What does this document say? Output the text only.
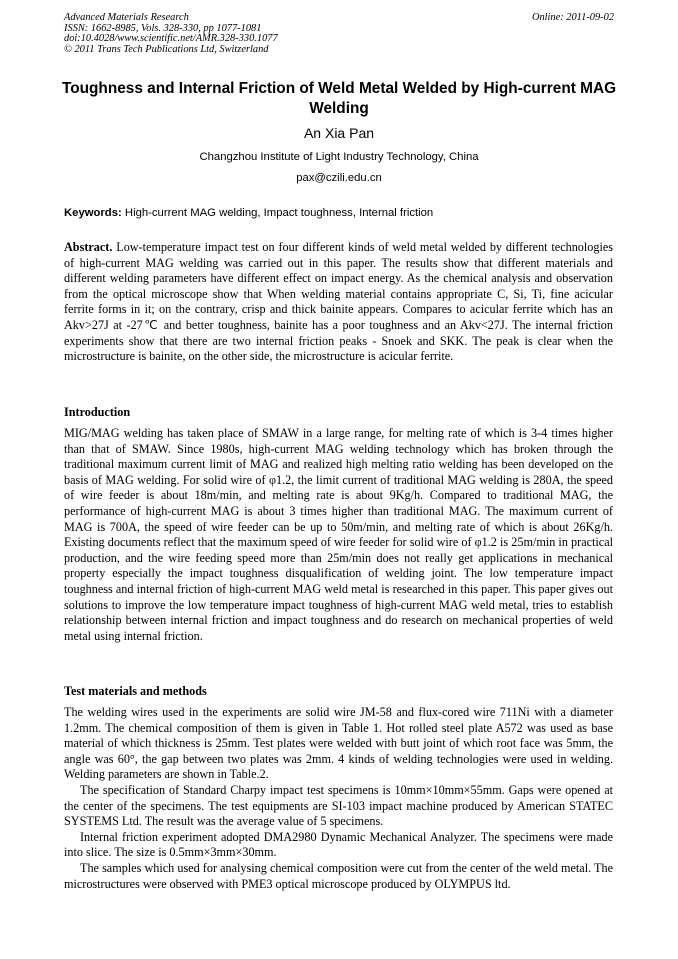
Advanced Materials Research
ISSN: 1662-8985, Vols. 328-330, pp 1077-1081
doi:10.4028/www.scientific.net/AMR.328-330.1077
© 2011 Trans Tech Publications Ltd, Switzerland
Online: 2011-09-02
Toughness and Internal Friction of Weld Metal Welded by High-current MAG Welding
An Xia Pan
Changzhou Institute of Light Industry Technology, China
pax@czili.edu.cn
Keywords: High-current MAG welding, Impact toughness, Internal friction

Abstract. Low-temperature impact test on four different kinds of weld metal welded by different technologies of high-current MAG welding was carried out in this paper. The results show that different materials and different welding parameters have different effect on impact energy. As the chemical analysis and observation from the optical microscope show that When welding material contains appropriate C, Si, Ti, fine acicular ferrite forms in it; on the contrary, crisp and thick bainite appears. Compares to acicular ferrite which has an Akv>27J at -27℃ and better toughness, bainite has a poor toughness and an Akv<27J. The internal friction experiments show that there are two internal friction peaks - Snoek and SKK. The peak is clear when the microstructure is bainite, on the other side, the microstructure is acicular ferrite.

Introduction

MIG/MAG welding has taken place of SMAW in a large range, for melting rate of which is 3-4 times higher than that of SMAW. Since 1980s, high-current MAG welding technology which has broken through the traditional maximum current limit of MAG and realized high melting ratio welding has been developed on the basis of MAG welding. For solid wire of φ1.2, the limit current of traditional MAG welding is 280A, the speed of wire feeder is about 18m/min, and melting rate is about 9Kg/h. Compared to traditional MAG, the performance of high-current MAG is about 3 times higher than traditional MAG. The maximum current of MAG is 700A, the speed of wire feeder can be up to 50m/min, and melting rate of which is about 26Kg/h. Existing documents reflect that the maximum speed of wire feeder for solid wire of φ1.2 is 25m/min in practical production, and the wire feeding speed more than 25m/min does not really get applications in mechanical property especially the impact toughness disqualification of welding joint. The low temperature impact toughness and internal friction of high-current MAG weld metal is researched in this paper. This paper gives out solutions to improve the low temperature impact toughness of high-current MAG weld metal, tries to establish relationship between internal friction and impact toughness and do research on mechanical properties of weld metal using internal friction.

Test materials and methods

The welding wires used in the experiments are solid wire JM-58 and flux-cored wire 711Ni with a diameter 1.2mm. The chemical composition of them is given in Table 1. Hot rolled steel plate A572 was used as base material of which thickness is 25mm. Test plates were welded with butt joint of which root face was 5mm, the angle was 60°, the gap between two plates was 2mm. 4 kinds of welding technologies were used in welding. Welding parameters are shown in Table.2.

The specification of Standard Charpy impact test specimens is 10mm×10mm×55mm. Gaps were opened at the center of the specimens. The test equipments are SI-103 impact machine produced by American STATEC SYSTEMS Ltd. The result was the average value of 5 specimens.

Internal friction experiment adopted DMA2980 Dynamic Mechanical Analyzer. The specimens were made into slice. The size is 0.5mm×3mm×30mm.

The samples which used for analysing chemical composition were cut from the center of the weld metal. The microstructures were observed with PME3 optical microscope produced by OLYMPUS ltd.
